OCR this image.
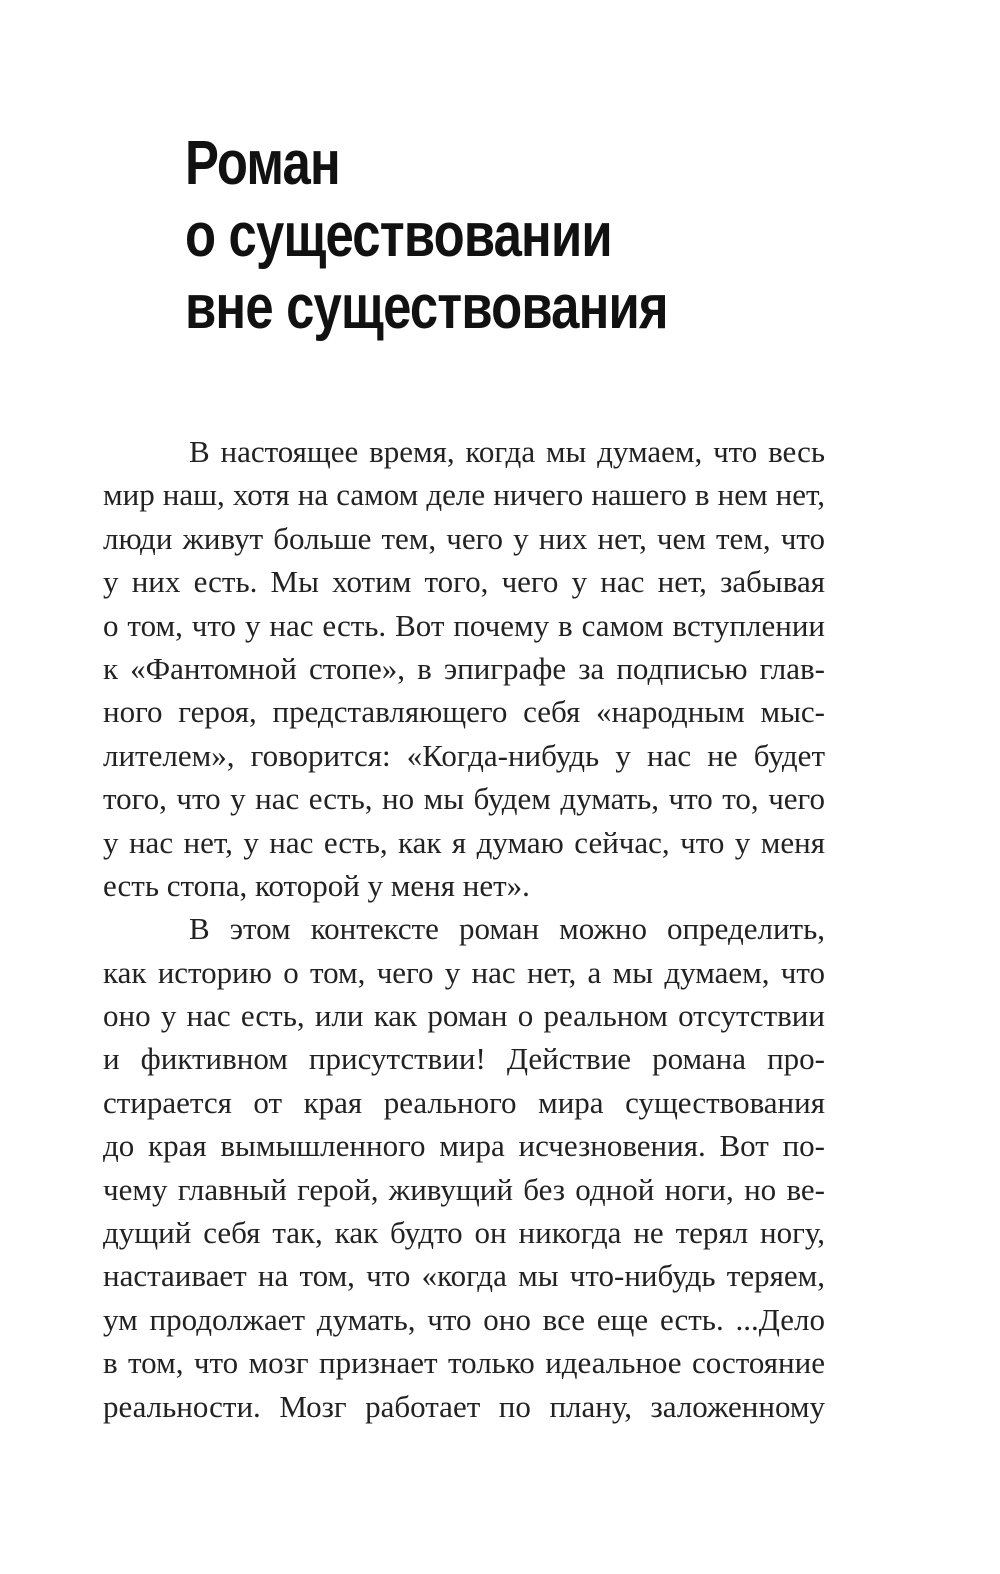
Роман
о существовании
вне существования
В настоящее время, когда мы думаем, что весь
мир наш, хотя на самом деле ничего нашего в нем нет,
люди живут больше тем, чего у них нет, чем тем, что
у них есть. Мы хотим того, чего у нас нет, забывая
о том, что у нас есть. Вот почему в самом вступлении
к «Фантомной стопе», в эпиграфе за подписью глав-
ного героя, представляющего себя «народным мыс-
лителем», говорится: «Когда-нибудь у нас не будет
того, что у нас есть, но мы будем думать, что то, чего
у нас нет, у нас есть, как я думаю сейчас, что у меня
есть стопа, которой у меня нет».
В этом контексте роман можно определить,
как историю о том, чего у нас нет, а мы думаем, что
оно у нас есть, или как роман о реальном отсутствии
и фиктивном присутствии! Действие романа про-
стирается от края реального мира существования
до края вымышленного мира исчезновения. Вот по-
чему главный герой, живущий без одной ноги, но ве-
дущий себя так, как будто он никогда не терял ногу,
настаивает на том, что «когда мы что-нибудь теряем,
ум продолжает думать, что оно все еще есть. ...Дело
в том, что мозг признает только идеальное состояние
реальности. Мозг работает по плану, заложенному
